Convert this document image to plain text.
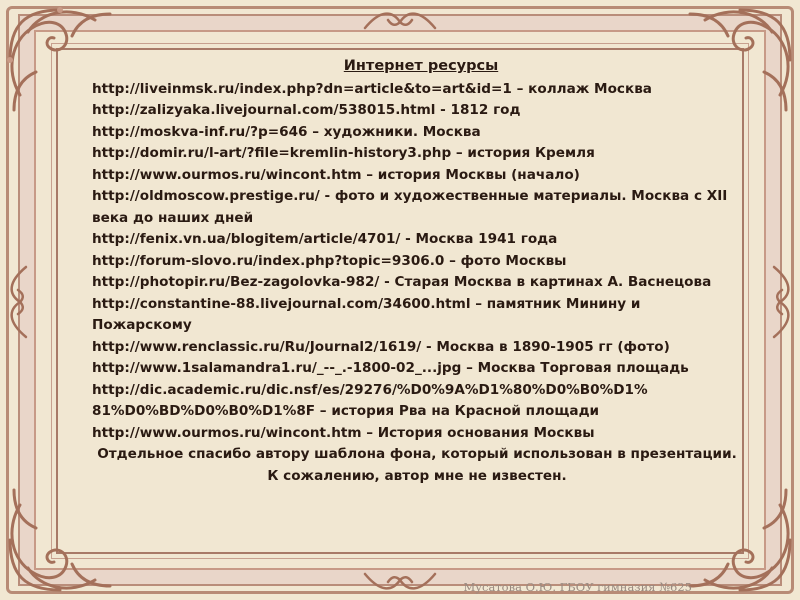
Интернет ресурсы
http://liveinmsk.ru/index.php?dn=article&to=art&id=1 – коллаж Москва
http://zalizyaka.livejournal.com/538015.html - 1812 год
http://moskva-inf.ru/?p=646 – художники. Москва
http://domir.ru/l-art/?file=kremlin-history3.php – история Кремля
http://www.ourmos.ru/wincont.htm – история Москвы (начало)
http://oldmoscow.prestige.ru/ - фото и художественные материалы. Москва с XII века до наших дней
http://fenix.vn.ua/blogitem/article/4701/ - Москва 1941 года
http://forum-slovo.ru/index.php?topic=9306.0 – фото Москвы
http://photopir.ru/Bez-zagolovka-982/ - Старая Москва в картинах А. Васнецова
http://constantine-88.livejournal.com/34600.html – памятник Минину и Пожарскому
http://www.renclassic.ru/Ru/Journal2/1619/ - Москва в 1890-1905 гг (фото)
http://www.1salamandra1.ru/_--_.-1800-02_...jpg – Москва Торговая площадь
http://dic.academic.ru/dic.nsf/es/29276/%D0%9A%D1%80%D0%B0%D1% 81%D0%BD%D0%B0%D1%8F – история Рва на Красной площади
http://www.ourmos.ru/wincont.htm – История основания Москвы
Отдельное спасибо автору шаблона фона, который использован в презентации.
К сожалению, автор мне не известен.
Мусатова О.Ю. ГБОУ гимназия №625
